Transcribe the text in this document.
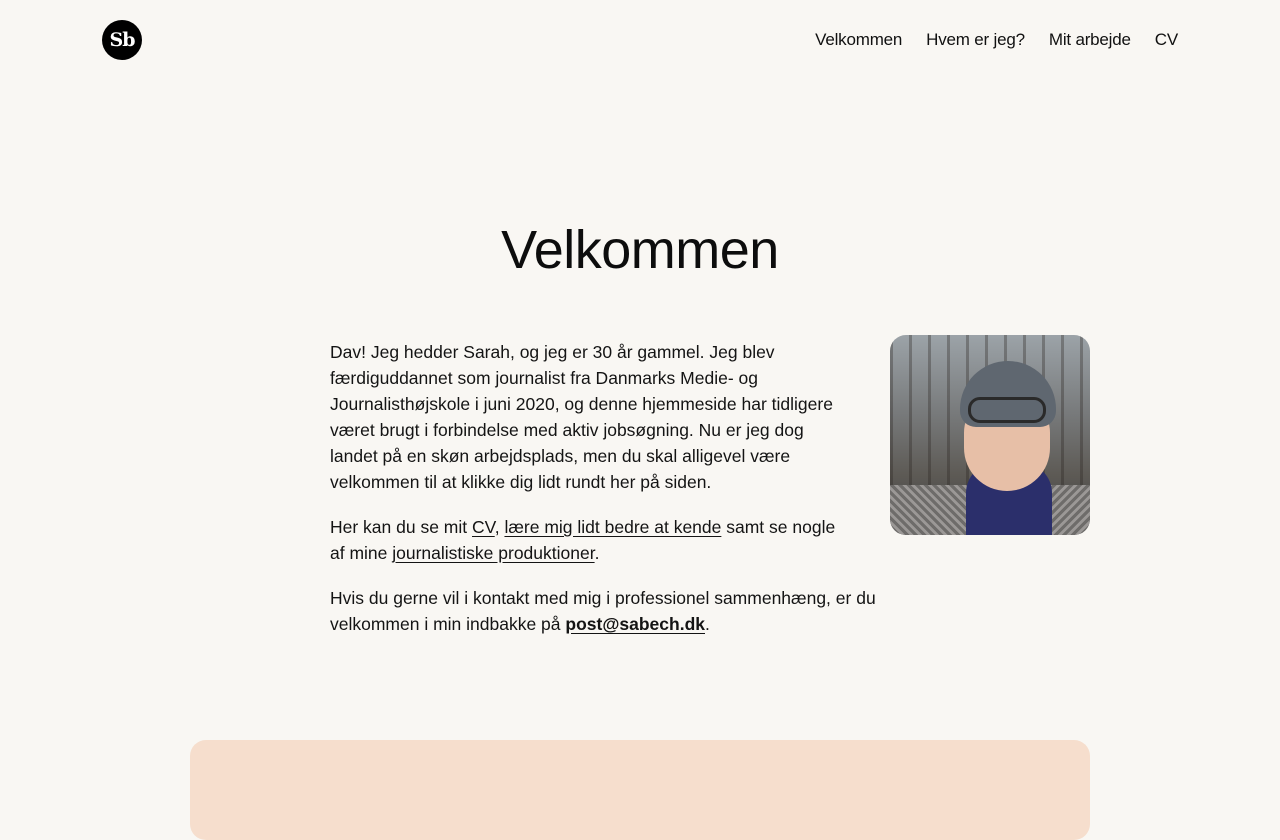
Sb	Velkommen Hvem er jeg? Mit arbejde CV
Velkommen

Dav! Jeg hedder Sarah, og jeg er 30 år gammel. Jeg blev færdiguddannet som journalist fra Danmarks Medie- og Journalisthøjskole i juni 2020, og denne hjemmeside har tidligere været brugt i forbindelse med aktiv jobsøgning. Nu er jeg dog landet på en skøn arbejdsplads, men du skal alligevel være velkommen til at klikke dig lidt rundt her på siden.

Her kan du se mit CV, lære mig lidt bedre at kende samt se nogle af mine journalistiske produktioner.

Hvis du gerne vil i kontakt med mig i professionel sammenhæng, er du velkommen i min indbakke på post@sabech.dk.
